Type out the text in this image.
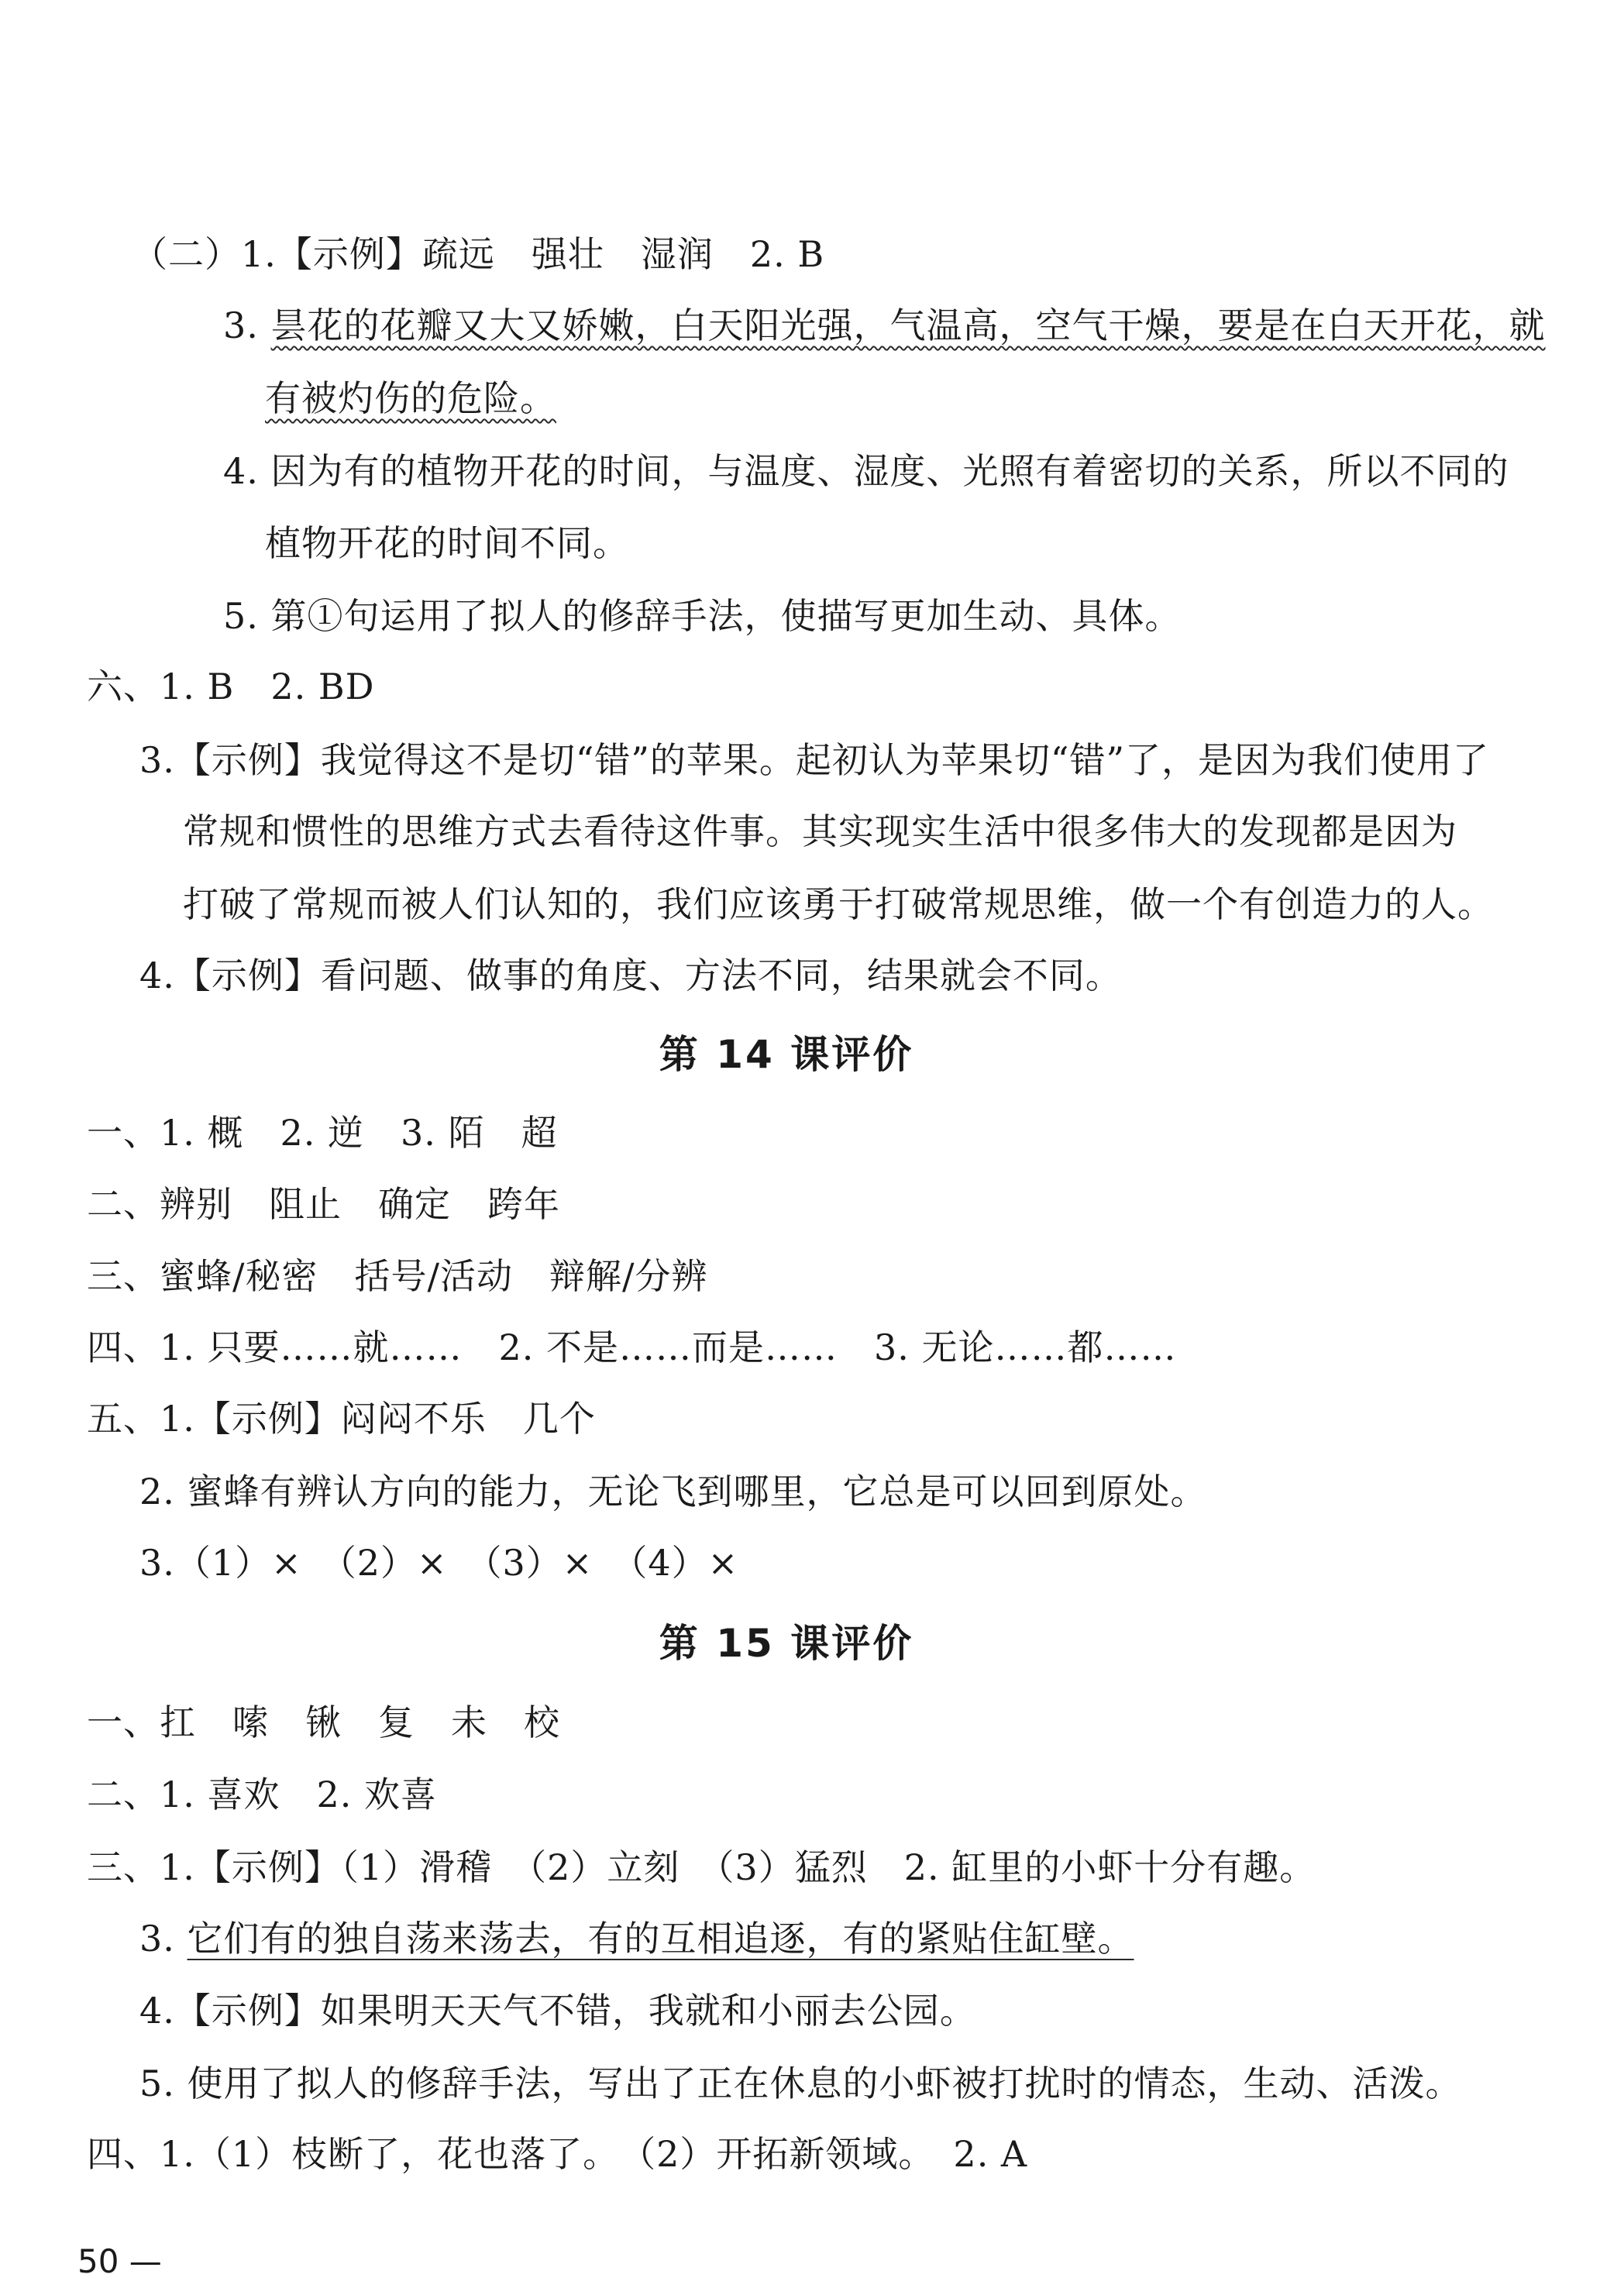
（二）1.【示例】疏远　强壮　湿润　2. B
3. 昙花的花瓣又大又娇嫩，白天阳光强，气温高，空气干燥，要是在白天开花，就
有被灼伤的危险。
4. 因为有的植物开花的时间，与温度、湿度、光照有着密切的关系，所以不同的
植物开花的时间不同。
5. 第①句运用了拟人的修辞手法，使描写更加生动、具体。
六、1. B　2. BD
3.【示例】我觉得这不是切“错”的苹果。起初认为苹果切“错”了，是因为我们使用了
常规和惯性的思维方式去看待这件事。其实现实生活中很多伟大的发现都是因为
打破了常规而被人们认知的，我们应该勇于打破常规思维，做一个有创造力的人。
4.【示例】看问题、做事的角度、方法不同，结果就会不同。
第 14 课评价
一、1. 概　2. 逆　3. 陌　超
二、辨别　阻止　确定　跨年
三、蜜蜂/秘密　括号/活动　辩解/分辨
四、1. 只要……就……　2. 不是……而是……　3. 无论……都……
五、1.【示例】闷闷不乐　几个
2. 蜜蜂有辨认方向的能力，无论飞到哪里，它总是可以回到原处。
3.（1）×　（2）×　（3）×　（4）×
第 15 课评价
一、扛　嗦　锹　复　未　校
二、1. 喜欢　2. 欢喜
三、1.【示例】（1）滑稽　（2）立刻　（3）猛烈　2. 缸里的小虾十分有趣。
3. 它们有的独自荡来荡去，有的互相追逐，有的紧贴住缸壁。
4.【示例】如果明天天气不错，我就和小丽去公园。
5. 使用了拟人的修辞手法，写出了正在休息的小虾被打扰时的情态，生动、活泼。
四、1.（1）枝断了，花也落了。　（2）开拓新领域。　2. A
50 —
